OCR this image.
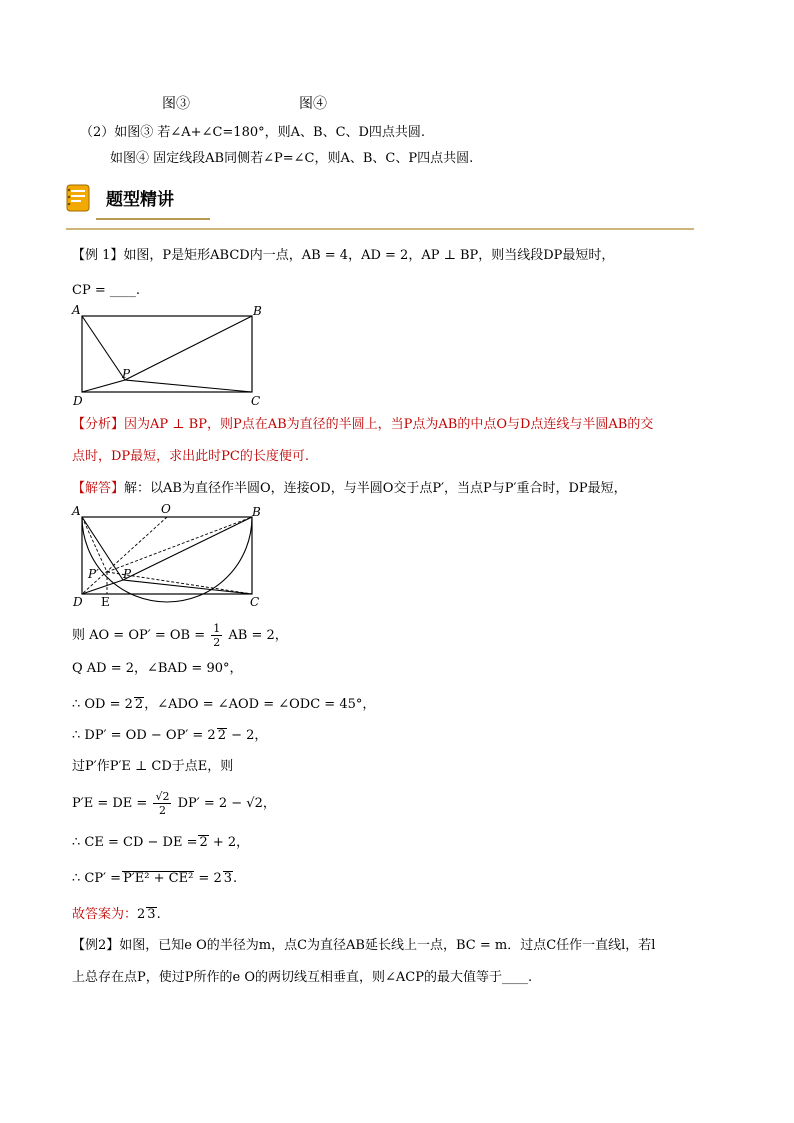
图③	图④
（2）如图③ 若∠A+∠C=180°，则A、B、C、D四点共圆.
如图④ 固定线段AB同侧若∠P=∠C，则A、B、C、P四点共圆.
题型精讲
【例 1】如图，P是矩形ABCD内一点，AB = 4，AD = 2，AP ⊥ BP，则当线段DP最短时，
CP = ____.
A	B
D	C
P
【分析】因为AP ⊥ BP，则P点在AB为直径的半圆上，当P点为AB的中点O与D点连线与半圆AB的交
点时，DP最短，求出此时PC的长度便可.
【解答】解：以AB为直径作半圆O，连接OD，与半圆O交于点P′，当点P与P′重合时，DP最短，
A	O	B
P′ P
D E	C
则 AO = OP′ = OB = $\frac{1}{2}$ AB = 2，
Q AD = 2，∠BAD = 90°，
∴ OD = 2 2，∠ADO = ∠AOD = ∠ODC = 45°，
∴ DP′ = OD − OP′ = 2 2 − 2，
过P′作P′E ⊥ CD于点E，则
P′E = DE = $\frac{√2}{2} DP' = 2 - √2$，
∴ CE = CD − DE = 2 + 2，
∴ CP′ = P′E² + CE² = 2 3.
故答案为：2 3.
【例2】如图，已知e O的半径为m，点C为直径AB延长线上一点，BC = m．过点C任作一直线l，若l
上总存在点P，使过P所作的e O的两切线互相垂直，则∠ACP的最大值等于____.
